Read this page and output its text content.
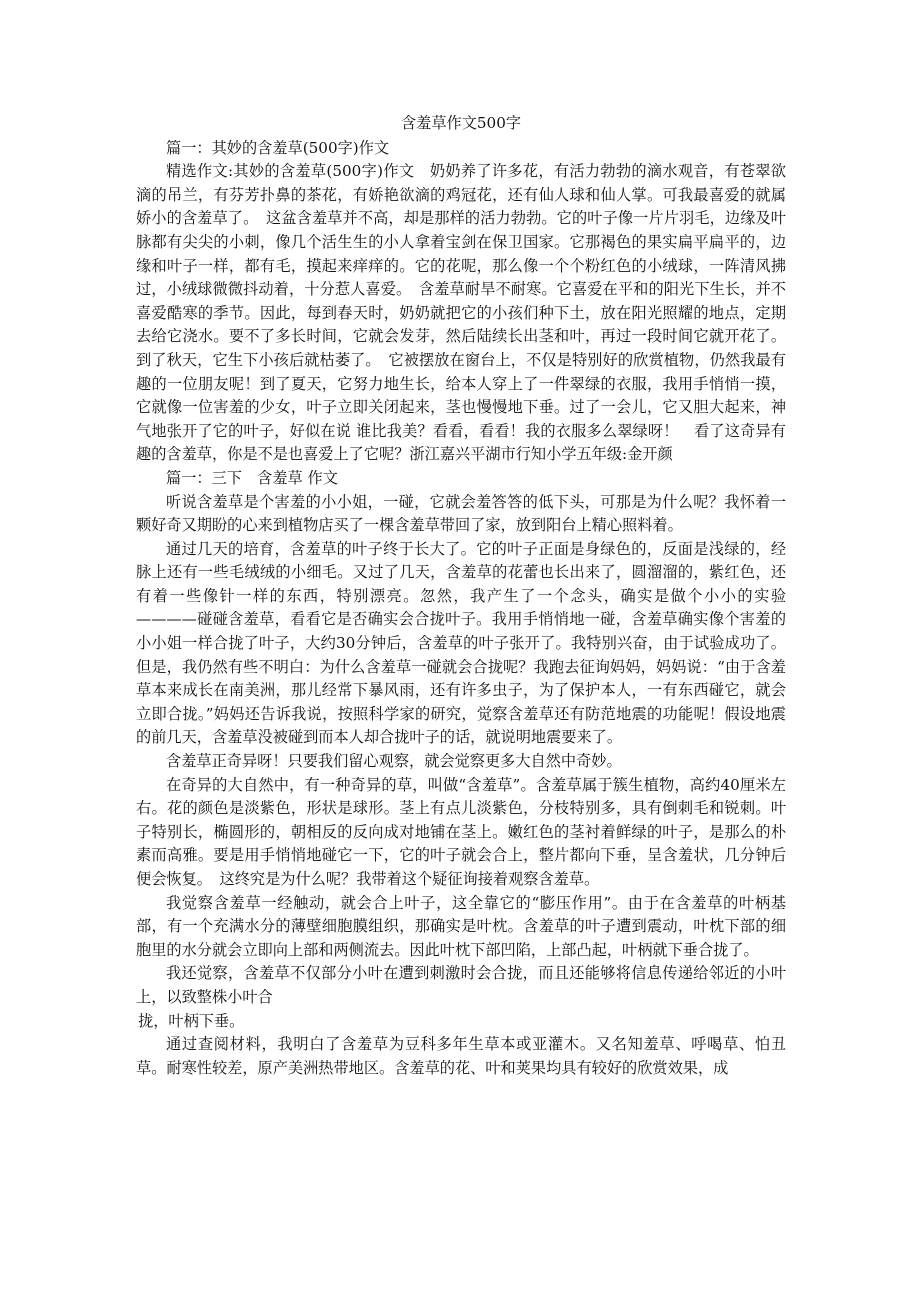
含羞草作文500字

篇一：其妙的含羞草(500字)作文

精选作文:其妙的含羞草(500字)作文　奶奶养了许多花，有活力勃勃的滴水观音，有苍翠欲滴的吊兰，有芬芳扑鼻的茶花，有娇艳欲滴的鸡冠花，还有仙人球和仙人掌。可我最喜爱的就属娇小的含羞草了。　这盆含羞草并不高，却是那样的活力勃勃。它的叶子像一片片羽毛，边缘及叶脉都有尖尖的小刺，像几个活生生的小人拿着宝剑在保卫国家。它那褐色的果实扁平扁平的，边缘和叶子一样，都有毛，摸起来痒痒的。它的花呢，那么像一个个粉红色的小绒球，一阵清风拂过，小绒球微微抖动着，十分惹人喜爱。　含羞草耐旱不耐寒。它喜爱在平和的阳光下生长，并不喜爱酷寒的季节。因此，每到春天时，奶奶就把它的小孩们种下土，放在阳光照耀的地点，定期去给它浇水。要不了多长时间，它就会发芽，然后陆续长出茎和叶，再过一段时间它就开花了。到了秋天，它生下小孩后就枯萎了。　它被摆放在窗台上，不仅是特别好的欣赏植物，仍然我最有趣的一位朋友呢！到了夏天，它努力地生长，给本人穿上了一件翠绿的衣服，我用手悄悄一摸，它就像一位害羞的少女，叶子立即关闭起来，茎也慢慢地下垂。过了一会儿，它又胆大起来，神气地张开了它的叶子，好似在说 谁比我美？看看，看看！我的衣服多么翠绿呀！　看了这奇异有趣的含羞草，你是不是也喜爱上了它呢？浙江嘉兴平湖市行知小学五年级:金开颜

篇一：三下　含羞草 作文

听说含羞草是个害羞的小小姐，一碰，它就会羞答答的低下头，可那是为什么呢？我怀着一颗好奇又期盼的心来到植物店买了一棵含羞草带回了家，放到阳台上精心照料着。

通过几天的培育，含羞草的叶子终于长大了。它的叶子正面是身绿色的，反面是浅绿的，经脉上还有一些毛绒绒的小细毛。又过了几天，含羞草的花蕾也长出来了，圆溜溜的，紫红色，还有着一些像针一样的东西，特别漂亮。忽然，我产生了一个念头，确实是做个小小的实验————碰碰含羞草，看看它是否确实会合拢叶子。我用手悄悄地一碰，含羞草确实像个害羞的小小姐一样合拢了叶子，大约30分钟后，含羞草的叶子张开了。我特别兴奋，由于试验成功了。但是，我仍然有些不明白：为什么含羞草一碰就会合拢呢？我跑去征询妈妈，妈妈说：“由于含羞草本来成长在南美洲，那儿经常下暴风雨，还有许多虫子，为了保护本人，一有东西碰它，就会立即合拢。”妈妈还告诉我说，按照科学家的研究，觉察含羞草还有防范地震的功能呢！假设地震的前几天，含羞草没被碰到而本人却合拢叶子的话，就说明地震要来了。

含羞草正奇异呀！只要我们留心观察，就会觉察更多大自然中奇妙。

在奇异的大自然中，有一种奇异的草，叫做“含羞草”。含羞草属于簇生植物，高约40厘米左右。花的颜色是淡紫色，形状是球形。茎上有点儿淡紫色，分枝特别多，具有倒刺毛和锐刺。叶子特别长，椭圆形的，朝相反的反向成对地铺在茎上。嫩红色的茎衬着鲜绿的叶子，是那么的朴素而高雅。要是用手悄悄地碰它一下，它的叶子就会合上，整片都向下垂，呈含羞状，几分钟后便会恢复。　这终究是为什么呢？我带着这个疑征询接着观察含羞草。

我觉察含羞草一经触动，就会合上叶子，这全靠它的“膨压作用”。由于在含羞草的叶柄基部，有一个充满水分的薄壁细胞膜组织，那确实是叶枕。含羞草的叶子遭到震动，叶枕下部的细胞里的水分就会立即向上部和两侧流去。因此叶枕下部凹陷，上部凸起，叶柄就下垂合拢了。

我还觉察，含羞草不仅部分小叶在遭到刺激时会合拢，而且还能够将信息传递给邻近的小叶上，以致整株小叶合

拢，叶柄下垂。

通过查阅材料，我明白了含羞草为豆科多年生草本或亚灌木。又名知羞草、呼喝草、怕丑草。耐寒性较差，原产美洲热带地区。含羞草的花、叶和荚果均具有较好的欣赏效果，成
